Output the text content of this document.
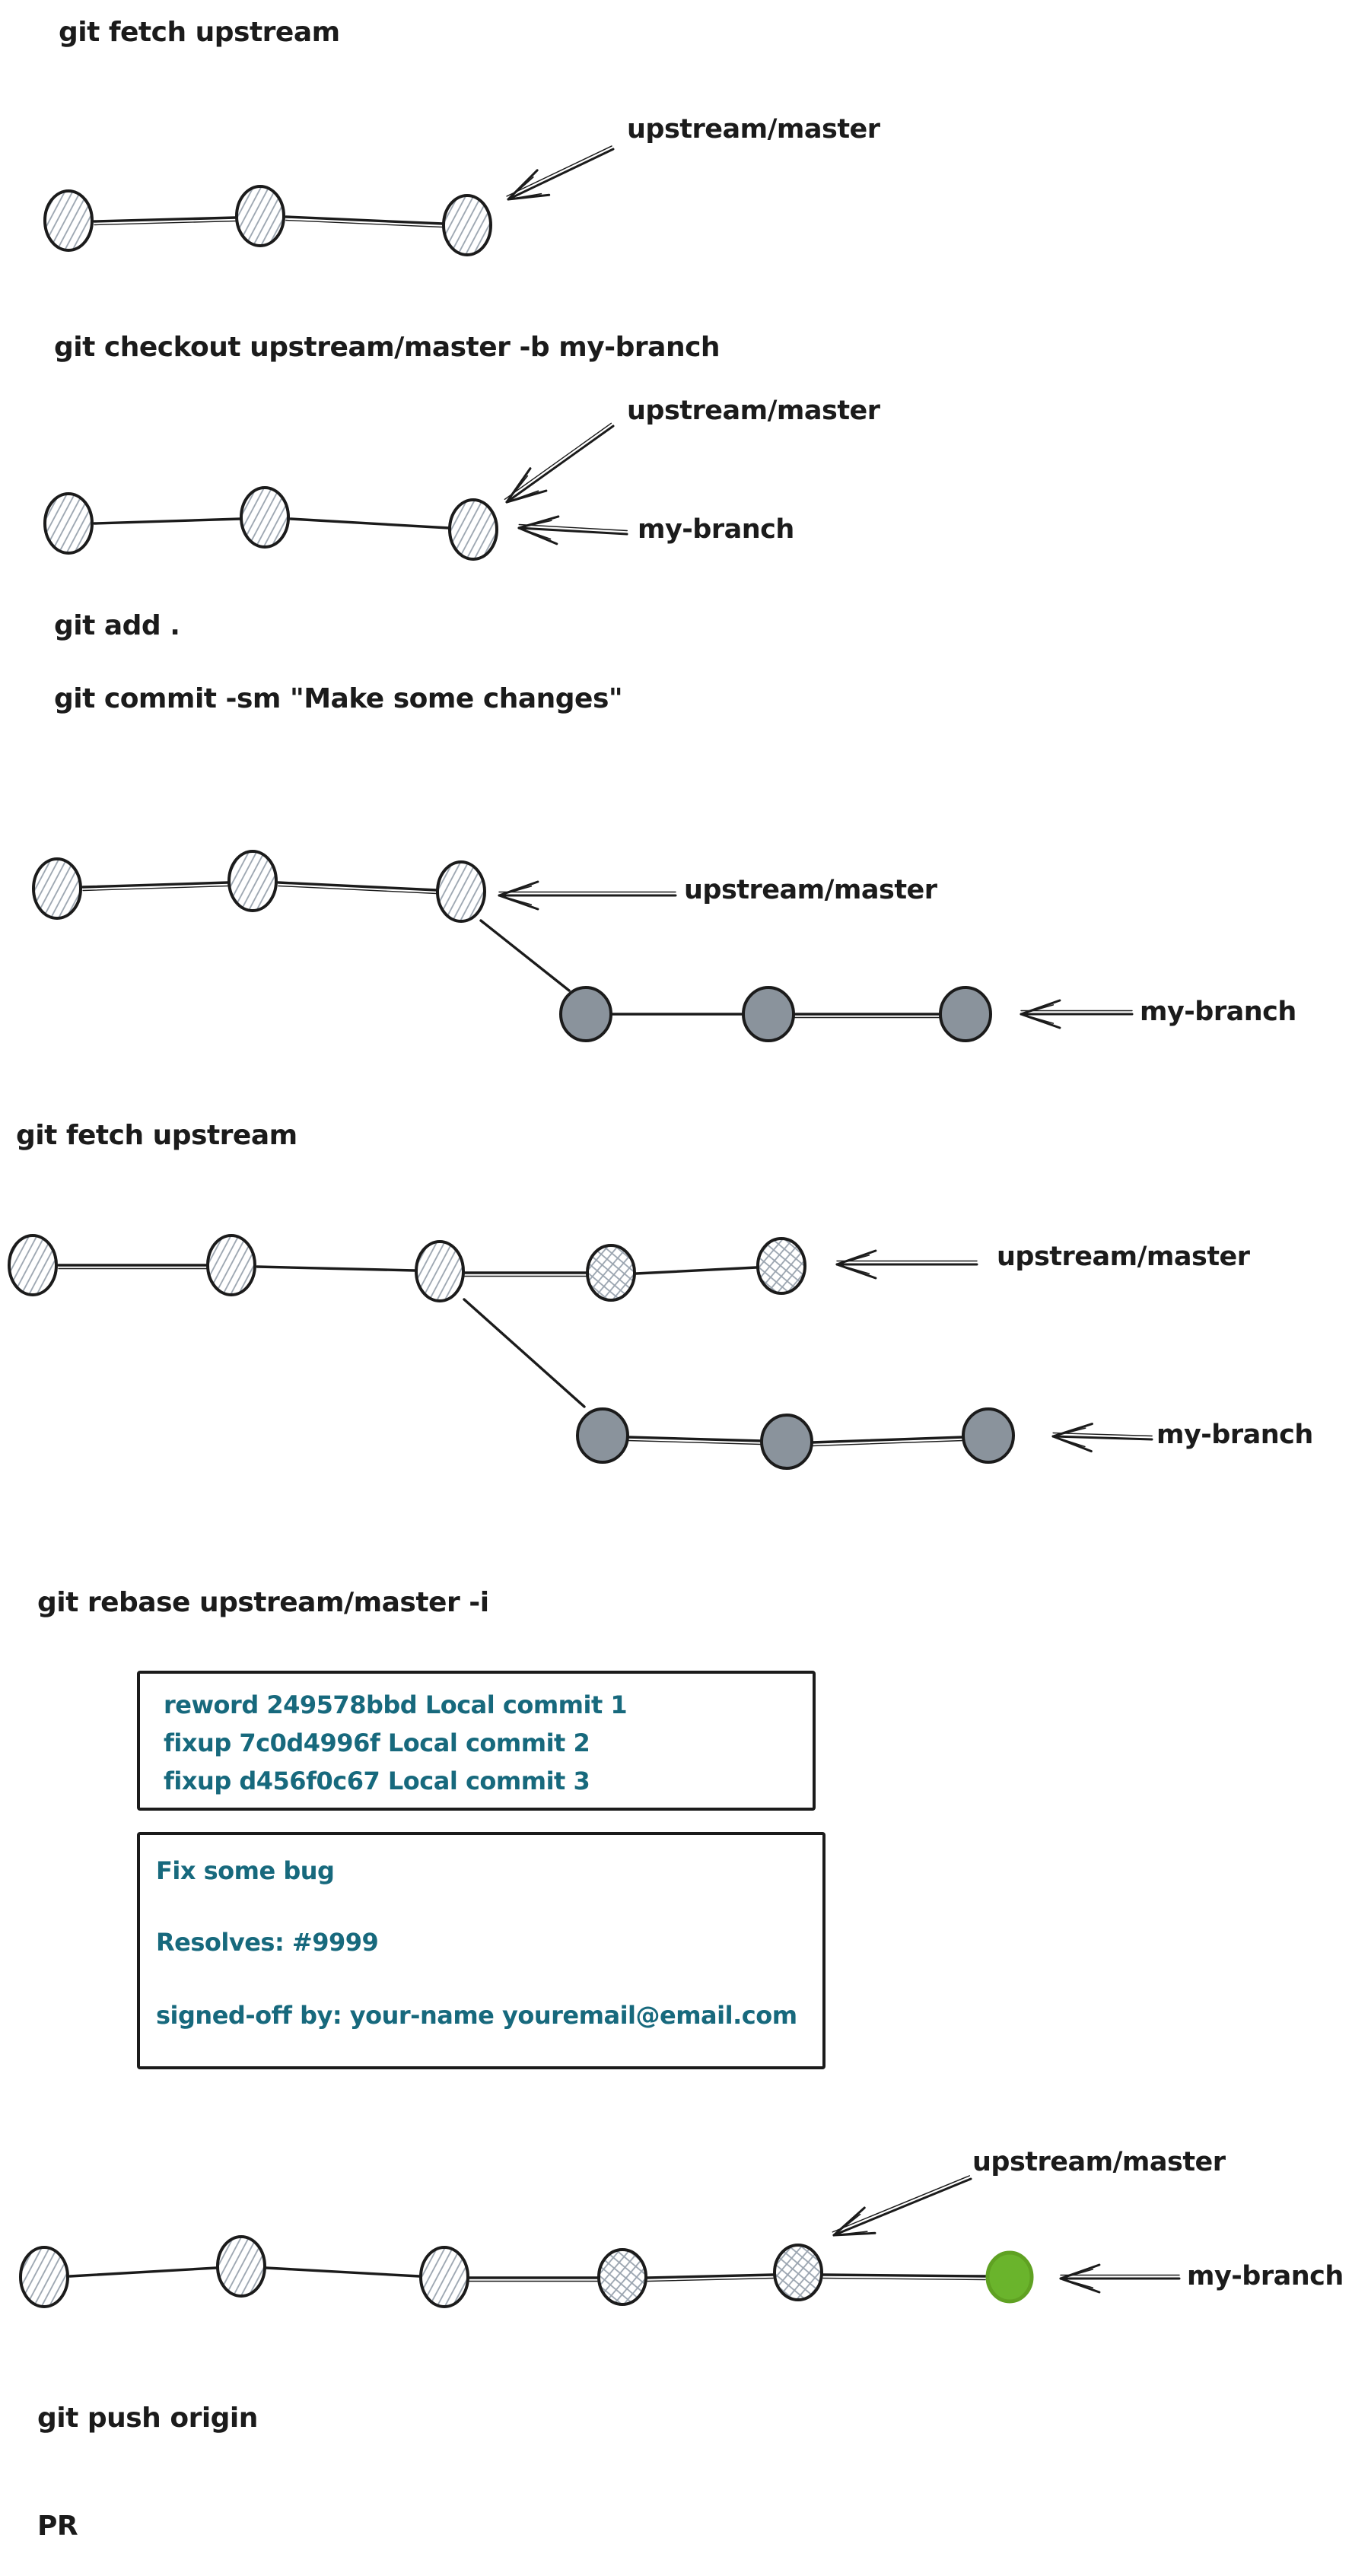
git fetch upstream
git checkout upstream/master -b my-branch
git add .
git commit -sm "Make some changes"
git fetch upstream
git rebase upstream/master -i
git push origin
PR
upstream/master
upstream/master
my-branch
upstream/master
my-branch
upstream/master
my-branch
upstream/master
my-branch
reword 249578bbd Local commit 1
fixup 7c0d4996f Local commit 2
fixup d456f0c67 Local commit 3
Fix some bug
Resolves: #9999
signed-off by: your-name youremail@email.com
